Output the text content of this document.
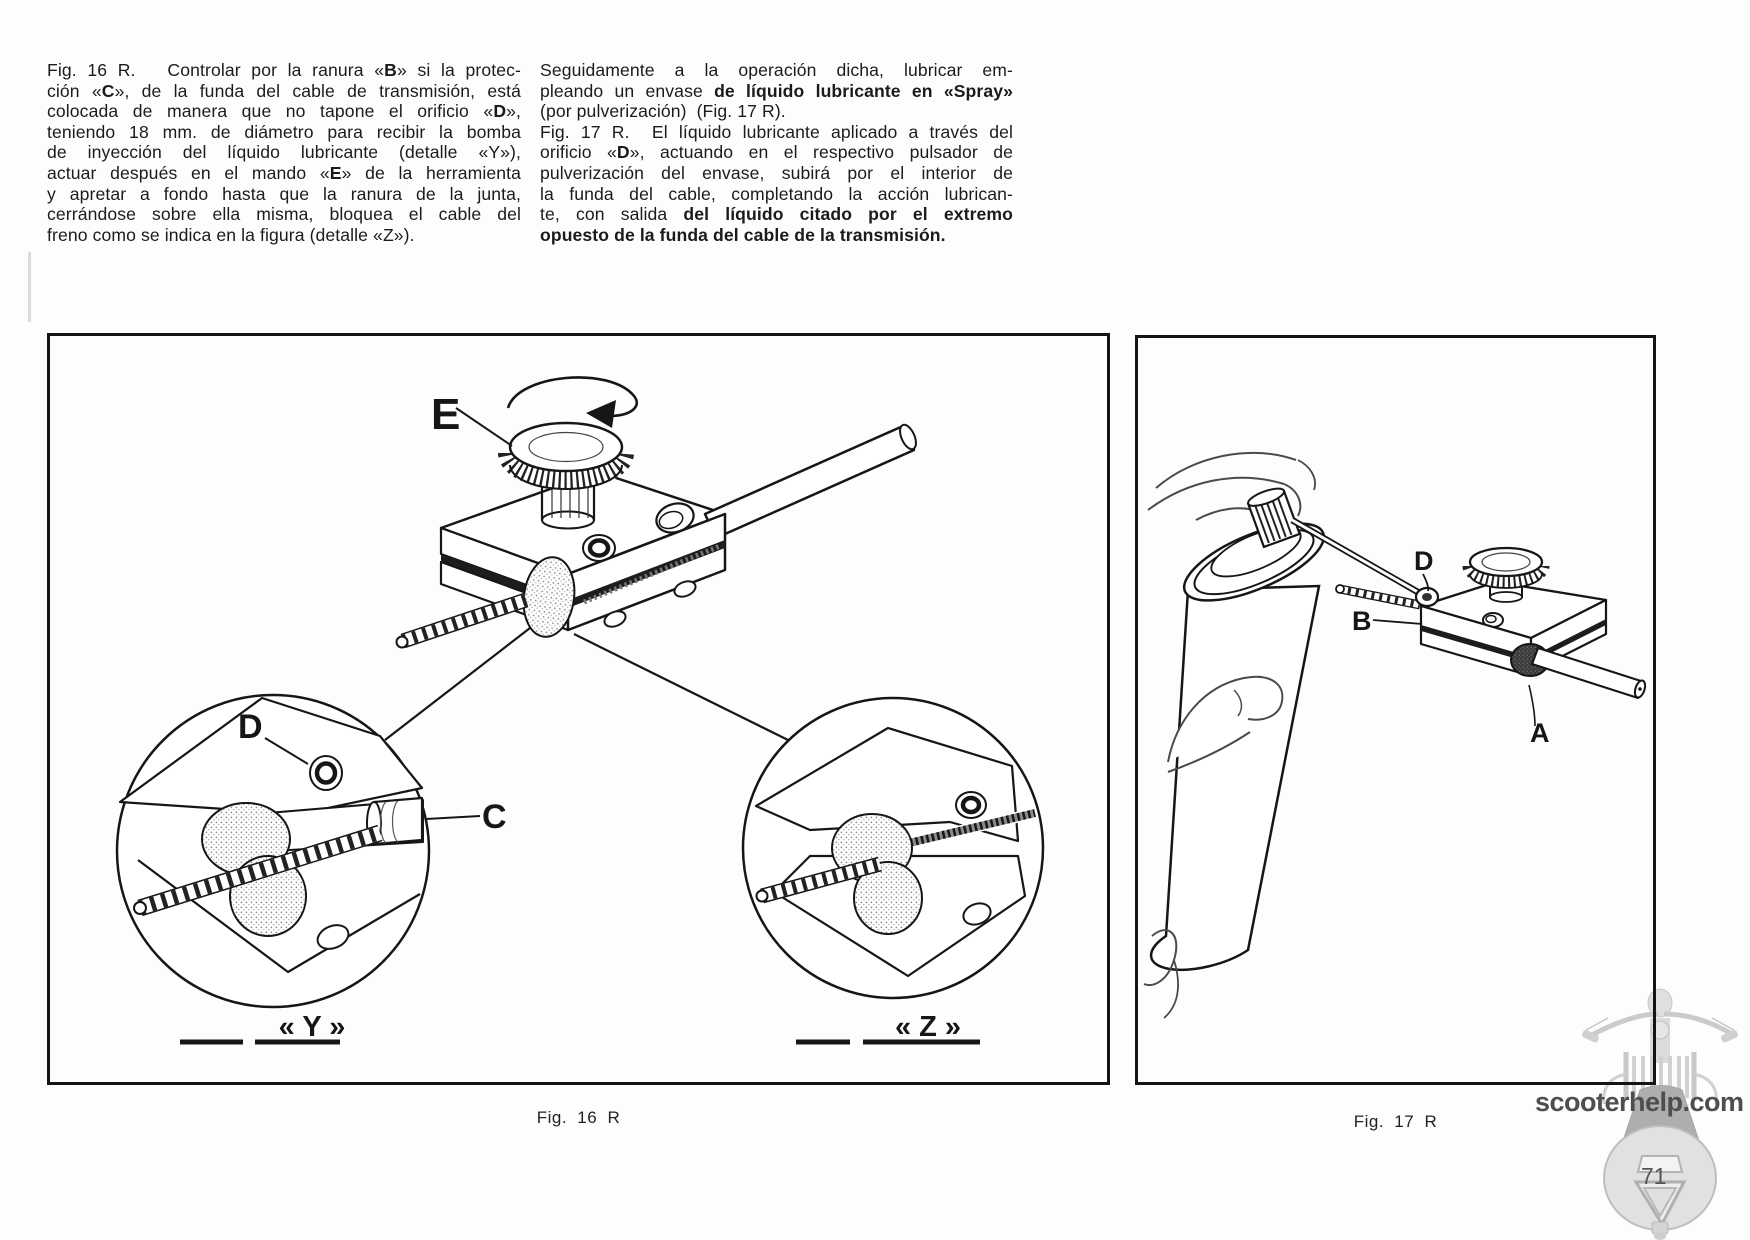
Fig. 16 R.   Controlar por la ranura «B» si la protec-
ción «C», de la funda del cable de transmisión, está
colocada de manera que no tapone el orificio «D»,
teniendo 18 mm. de diámetro para recibir la bomba
de inyección del líquido lubricante (detalle «Y»),
actuar después en el mando «E» de la herramienta
y apretar a fondo hasta que la ranura de la junta,
cerrándose sobre ella misma, bloquea el cable del
freno como se indica en la figura (detalle «Z»).
Seguidamente a la operación dicha, lubricar em-
pleando un envase de líquido lubricante en «Spray»
(por pulverización)  (Fig. 17 R).
Fig. 17 R.  El líquido lubricante aplicado a través del
orificio «D», actuando en el respectivo pulsador de
pulverización del envase, subirá por el interior de
la funda del cable, completando la acción lubrican-
te, con salida del líquido citado por el extremo
opuesto de la funda del cable de la transmisión.
E
D
C
« Y »	« Z »
D
B
A
Fig. 16 R	Fig. 17 R
scooterhelp.com
71
